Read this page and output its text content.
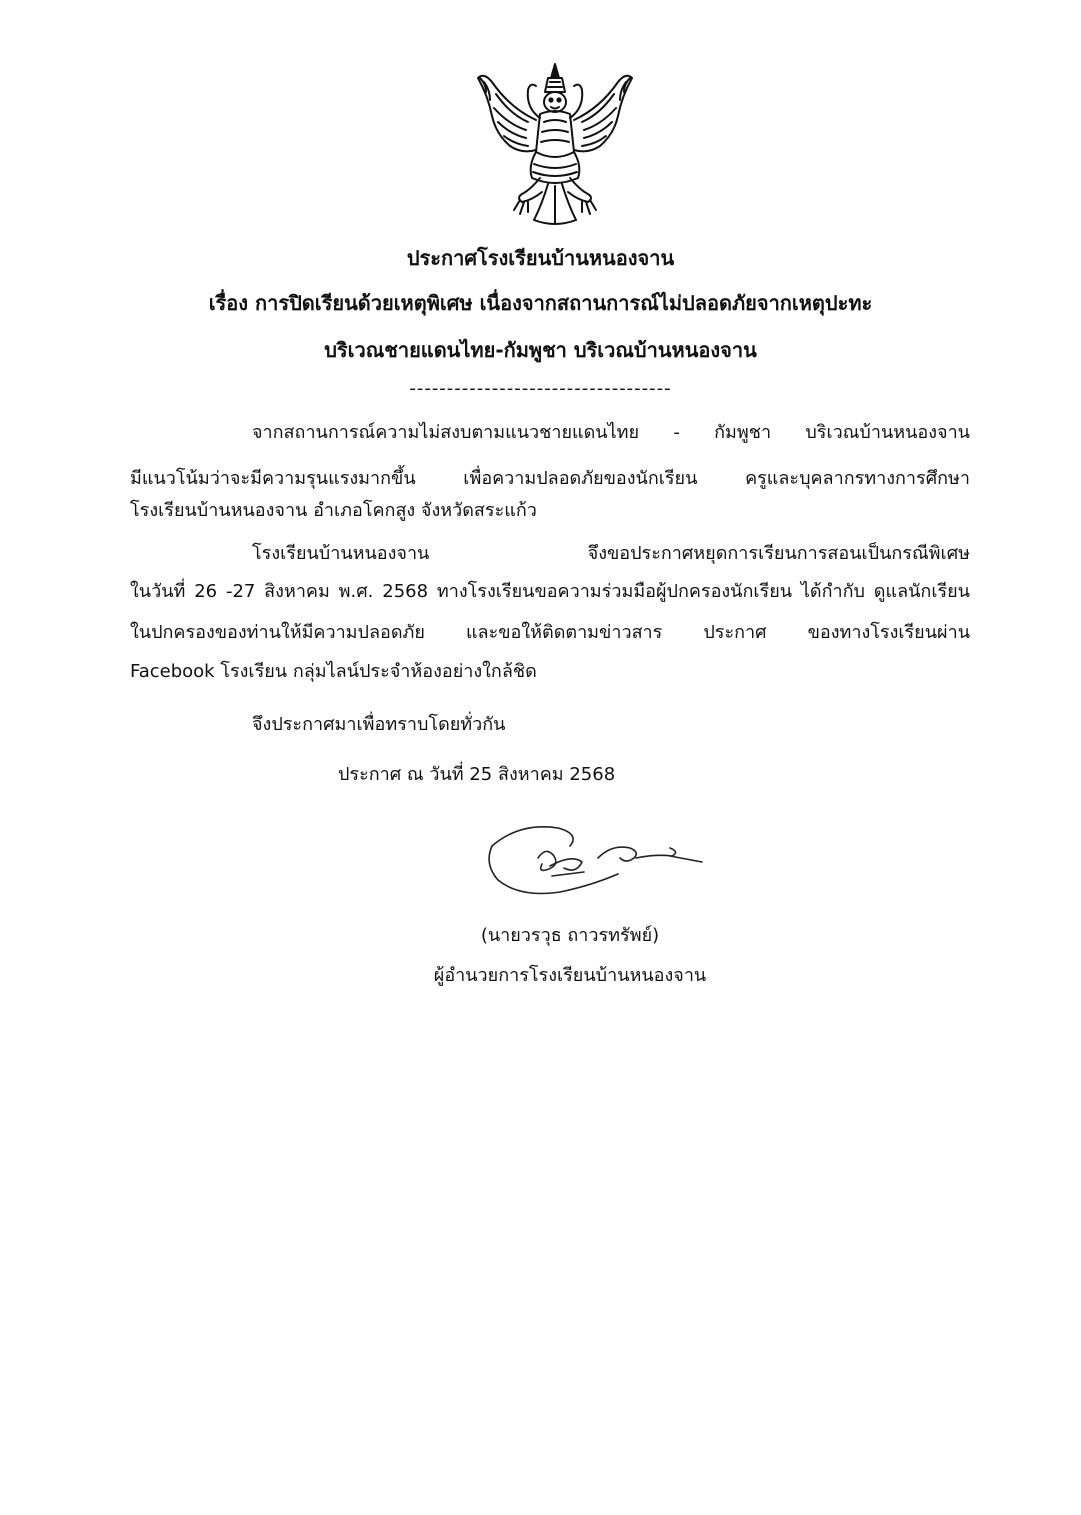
ประกาศโรงเรียนบ้านหนองจาน
เรื่อง การปิดเรียนด้วยเหตุพิเศษ เนื่องจากสถานการณ์ไม่ปลอดภัยจากเหตุปะทะ
บริเวณชายแดนไทย-กัมพูชา บริเวณบ้านหนองจาน
-----------------------------------
จากสถานการณ์ความไม่สงบตามแนวชายแดนไทย - กัมพูชา บริเวณบ้านหนองจาน
มีแนวโน้มว่าจะมีความรุนแรงมากขึ้น เพื่อความปลอดภัยของนักเรียน ครูและบุคลากรทางการศึกษา
โรงเรียนบ้านหนองจาน อำเภอโคกสูง จังหวัดสระแก้ว
โรงเรียนบ้านหนองจาน จึงขอประกาศหยุดการเรียนการสอนเป็นกรณีพิเศษ
ในวันที่ 26 -27 สิงหาคม พ.ศ. 2568 ทางโรงเรียนขอความร่วมมือผู้ปกครองนักเรียน ได้กำกับ ดูแลนักเรียน
ในปกครองของท่านให้มีความปลอดภัย และขอให้ติดตามข่าวสาร ประกาศ ของทางโรงเรียนผ่าน
Facebook โรงเรียน กลุ่มไลน์ประจำห้องอย่างใกล้ชิด
จึงประกาศมาเพื่อทราบโดยทั่วกัน
ประกาศ ณ วันที่ 25 สิงหาคม 2568
(นายวรวุธ ถาวรทรัพย์)
ผู้อำนวยการโรงเรียนบ้านหนองจาน
